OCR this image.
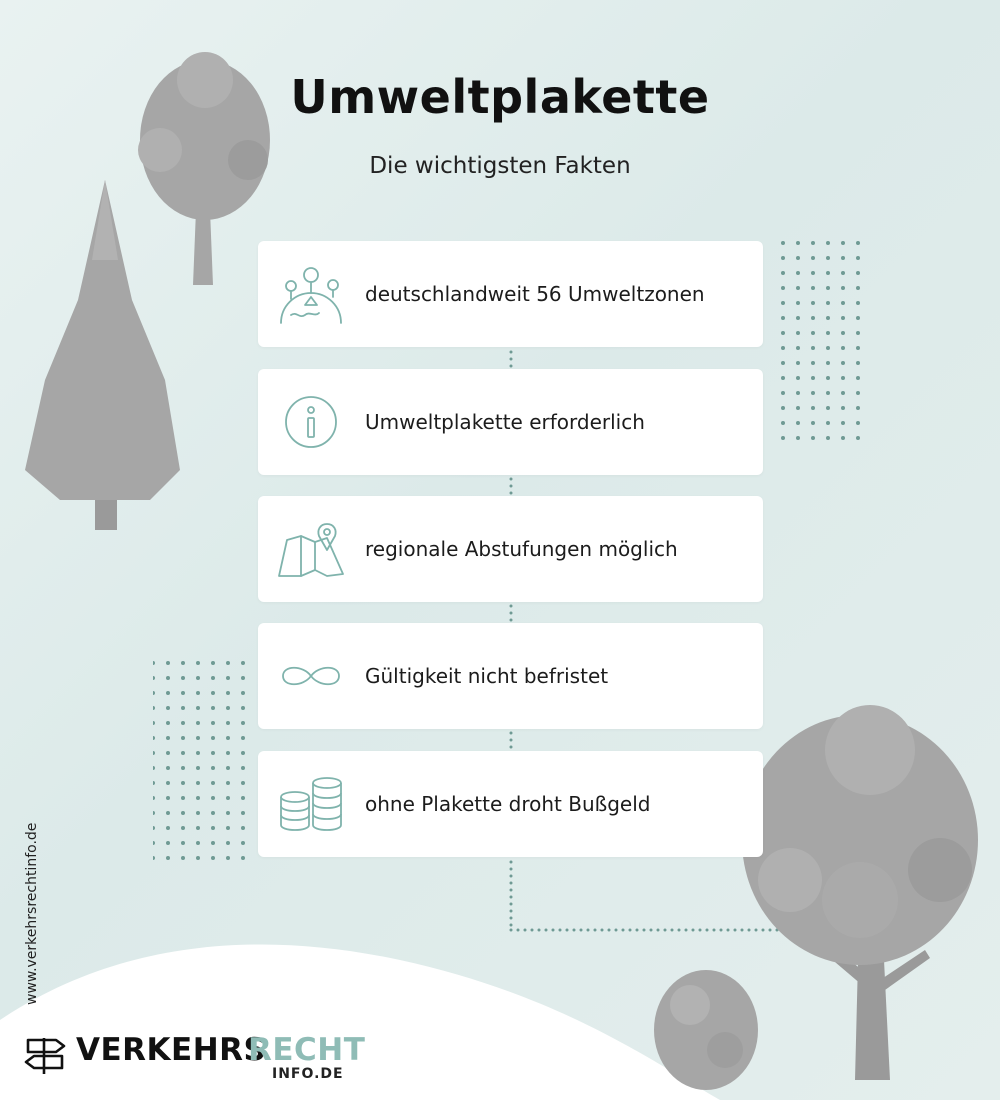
Umweltplakette

Die wichtigsten Fakten

deutschlandweit 56 Umweltzonen
Umweltplakette erforderlich
regionale Abstufungen möglich
Gültigkeit nicht befristet
ohne Plakette droht Bußgeld
www.verkehrsrechtinfo.de
VERKEHRS
RECHT
INFO.DE
